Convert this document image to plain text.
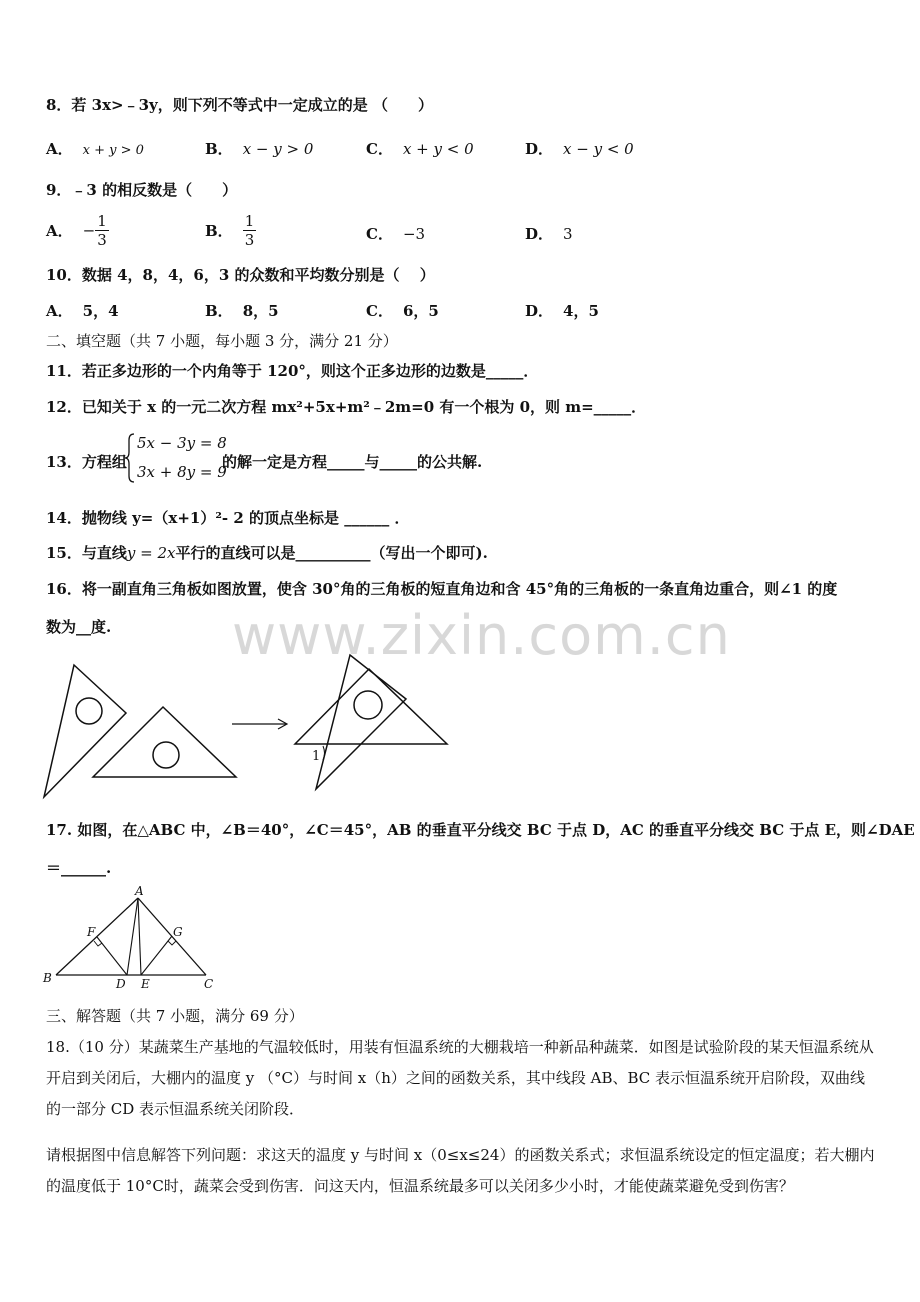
www.zixin.com.cn
8．若 3x>﹣3y，则下列不等式中一定成立的是 （　　）
A． x + y > 0	B． x − y > 0	C． x + y < 0	D． x − y < 0
9．﹣3 的相反数是（　　）
A． − $\frac{1}{3}$	B． $\frac{1}{3}$	C． −3	D． 3
10．数据 4，8，4，6，3 的众数和平均数分别是（　 ）
A． 5，4	B． 8，5	C． 6，5	D． 4，5
二、填空题（共 7 小题，每小题 3 分，满分 21 分）
11．若正多边形的一个内角等于 120°，则这个正多边形的边数是_____．
12．已知关于 x 的一元二次方程 mx²+5x+m²﹣2m=0 有一个根为 0，则 m=_____．
13．方程组
5x − 3y = 8
3x + 8y = 9
的解一定是方程_____与_____的公共解.
14．抛物线 y=（x+1）²- 2 的顶点坐标是 ______ ．
15．与直线y = 2x平行的直线可以是__________（写出一个即可).
16．将一副直角三角板如图放置，使含 30°角的三角板的短直角边和含 45°角的三角板的一条直角边重合，则∠1 的度
数为__度.
1
17. 如图，在△ABC 中，∠B＝40°，∠C＝45°，AB 的垂直平分线交 BC 于点 D，AC 的垂直平分线交 BC 于点 E，则∠DAE
＝______.
A
F	G
B	D E	C
三、解答题（共 7 小题，满分 69 分）
18.（10 分）某蔬菜生产基地的气温较低时，用装有恒温系统的大棚栽培一种新品种蔬菜．如图是试验阶段的某天恒温系统从开启到关闭后，大棚内的温度 y （°C）与时间 x（h）之间的函数关系，其中线段 AB、BC 表示恒温系统开启阶段，双曲线的一部分 CD 表示恒温系统关闭阶段．
请根据图中信息解答下列问题：求这天的温度 y 与时间 x（0≤x≤24）的函数关系式；求恒温系统设定的恒定温度；若大棚内的温度低于 10°C时，蔬菜会受到伤害．问这天内，恒温系统最多可以关闭多少小时，才能使蔬菜避免受到伤害？
